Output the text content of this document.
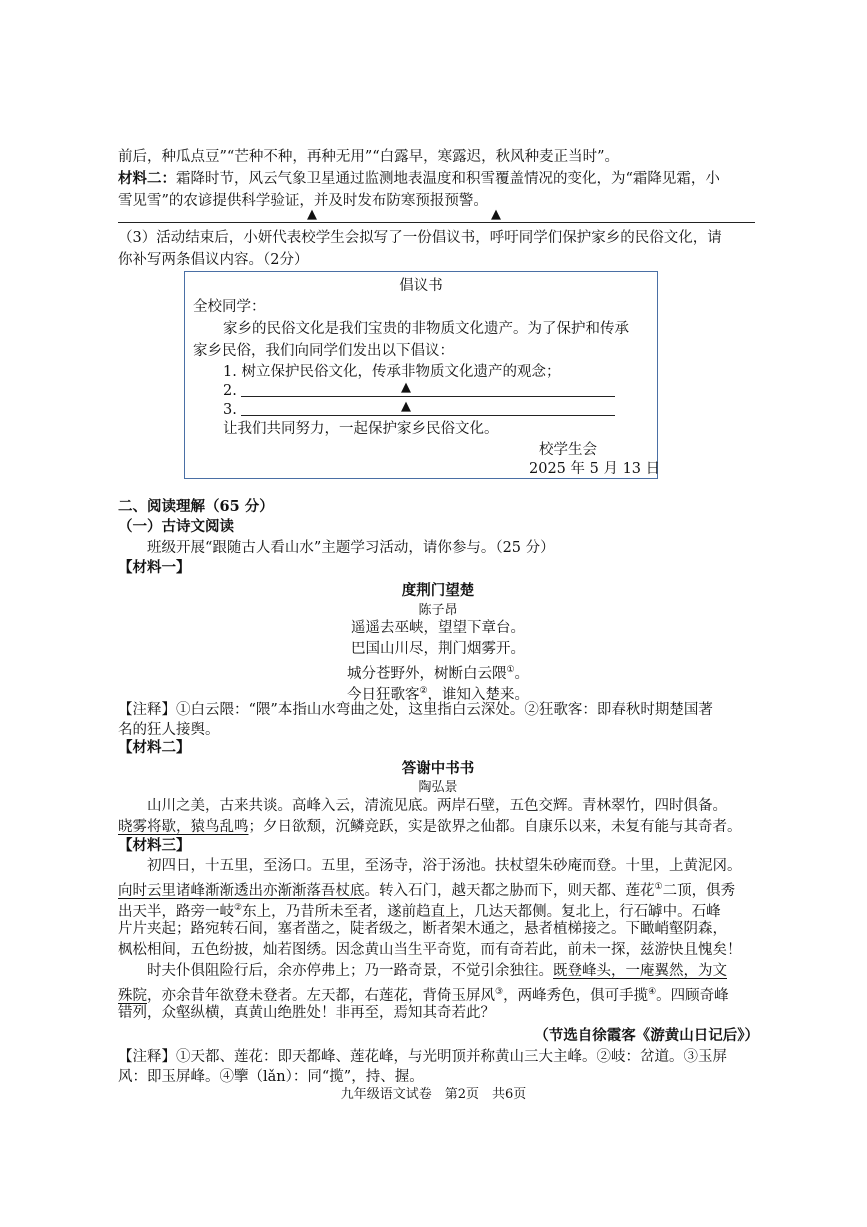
前后，种瓜点豆”“芒种不种，再种无用”“白露早，寒露迟，秋风种麦正当时”。
材料二：霜降时节，风云气象卫星通过监测地表温度和积雪覆盖情况的变化，为“霜降见霜，小
雪见雪”的农谚提供科学验证，并及时发布防寒预报预警。
▲	▲
（3）活动结束后，小妍代表校学生会拟写了一份倡议书，呼吁同学们保护家乡的民俗文化，请
你补写两条倡议内容。（2分）
倡议书
全校同学：
家乡的民俗文化是我们宝贵的非物质文化遗产。为了保护和传承
家乡民俗，我们向同学们发出以下倡议：
1. 树立保护民俗文化，传承非物质文化遗产的观念；
2.	▲
3.	▲
让我们共同努力，一起保护家乡民俗文化。
校学生会
2025 年 5 月 13 日
二、阅读理解（65 分）
（一）古诗文阅读
班级开展“跟随古人看山水”主题学习活动，请你参与。（25 分）
【材料一】
度荆门望楚
陈子昂
遥遥去巫峡，望望下章台。
巴国山川尽，荆门烟雾开。
城分苍野外，树断白云隈①。
今日狂歌客②，谁知入楚来。
【注释】①白云隈：“隈”本指山水弯曲之处，这里指白云深处。②狂歌客：即春秋时期楚国著
名的狂人接舆。
【材料二】
答谢中书书
陶弘景
山川之美，古来共谈。高峰入云，清流见底。两岸石壁，五色交辉。青林翠竹，四时俱备。
晓雾将歇，猿鸟乱鸣；夕日欲颓，沉鳞竞跃，实是欲界之仙都。自康乐以来，未复有能与其奇者。
【材料三】
初四日，十五里，至汤口。五里，至汤寺，浴于汤池。扶杖望朱砂庵而登。十里，上黄泥冈。
向时云里诸峰渐渐透出亦渐渐落吾杖底。转入石门，越天都之胁而下，则天都、莲花①二顶，俱秀
出天半，路旁一岐②东上，乃昔所未至者，遂前趋直上，几达天都侧。复北上，行石罅中。石峰
片片夹起；路宛转石间，塞者凿之，陡者级之，断者架木通之，悬者植梯接之。下瞰峭壑阴森，
枫松相间，五色纷披，灿若图绣。因念黄山当生平奇览，而有奇若此，前未一探，兹游快且愧矣！
时夫仆俱阻险行后，余亦停弗上；乃一路奇景，不觉引余独往。既登峰头，一庵翼然，为文
殊院，亦余昔年欲登未登者。左天都，右莲花，背倚玉屏风③，两峰秀色，俱可手揽④。四顾奇峰
错列，众壑纵横，真黄山绝胜处！非再至，焉知其奇若此？
（节选自徐霞客《游黄山日记后》）
【注释】①天都、莲花：即天都峰、莲花峰，与光明顶并称黄山三大主峰。②岐：岔道。③玉屏
风：即玉屏峰。④擥（lǎn）：同“揽”，持、握。
九年级语文试卷　第2页　共6页
